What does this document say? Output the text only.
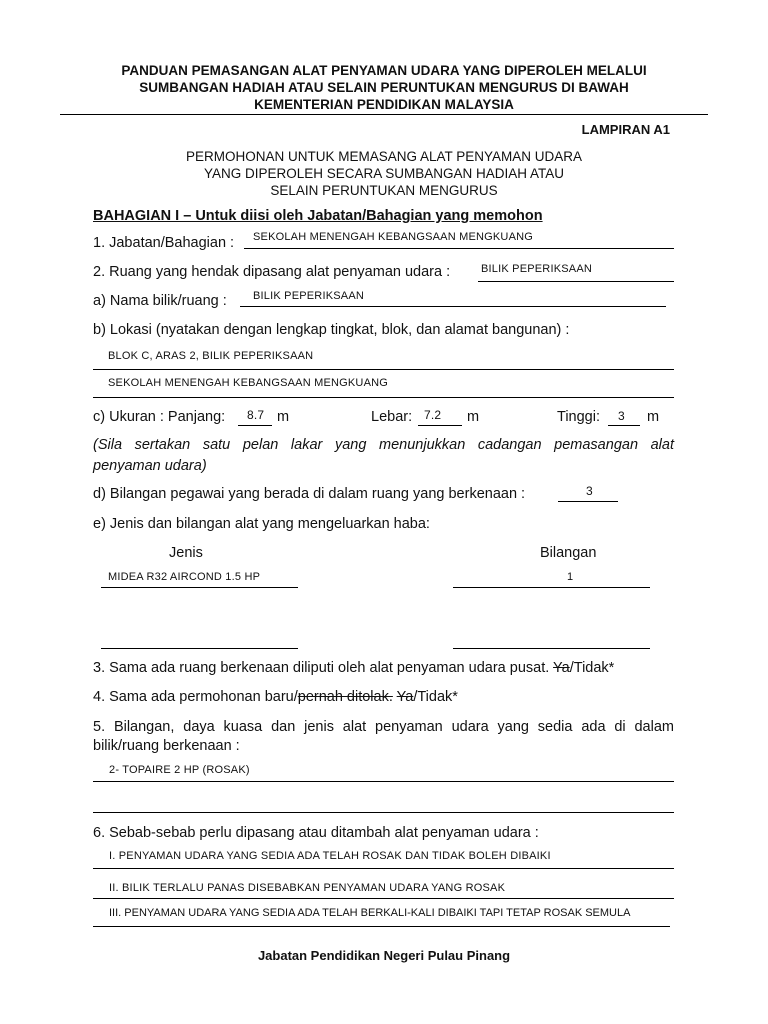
PANDUAN PEMASANGAN ALAT PENYAMAN UDARA YANG DIPEROLEH MELALUI
SUMBANGAN HADIAH ATAU SELAIN PERUNTUKAN MENGURUS DI BAWAH
KEMENTERIAN PENDIDIKAN MALAYSIA
LAMPIRAN A1
PERMOHONAN UNTUK MEMASANG ALAT PENYAMAN UDARA
YANG DIPEROLEH SECARA SUMBANGAN HADIAH ATAU
SELAIN PERUNTUKAN MENGURUS
BAHAGIAN I – Untuk diisi oleh Jabatan/Bahagian yang memohon
1. Jabatan/Bahagian : SEKOLAH MENENGAH KEBANGSAAN MENGKUANG
2. Ruang yang hendak dipasang alat penyaman udara :	BILIK PEPERIKSAAN
a) Nama bilik/ruang : BILIK PEPERIKSAAN
b) Lokasi (nyatakan dengan lengkap tingkat, blok, dan alamat bangunan) :
BLOK C, ARAS 2, BILIK PEPERIKSAAN
SEKOLAH MENENGAH KEBANGSAAN MENGKUANG
c) Ukuran : Panjang: 8.7 m	Lebar: 7.2 m	Tinggi: 3 m
(Sila sertakan satu pelan lakar yang menunjukkan cadangan pemasangan alat
penyaman udara)
d) Bilangan pegawai yang berada di dalam ruang yang berkenaan :	3
e) Jenis dan bilangan alat yang mengeluarkan haba:
Jenis	Bilangan
MIDEA R32 AIRCOND 1.5 HP	1
3. Sama ada ruang berkenaan diliputi oleh alat penyaman udara pusat. Ya/Tidak*
4. Sama ada permohonan baru/pernah ditolak. Ya/Tidak*
5. Bilangan, daya kuasa dan jenis alat penyaman udara yang sedia ada di dalam
bilik/ruang berkenaan :
2- TOPAIRE 2 HP (ROSAK)
6. Sebab-sebab perlu dipasang atau ditambah alat penyaman udara :
I. PENYAMAN UDARA YANG SEDIA ADA TELAH ROSAK DAN TIDAK BOLEH DIBAIKI
II. BILIK TERLALU PANAS DISEBABKAN PENYAMAN UDARA YANG ROSAK
III. PENYAMAN UDARA YANG SEDIA ADA TELAH BERKALI-KALI DIBAIKI TAPI TETAP ROSAK SEMULA
Jabatan Pendidikan Negeri Pulau Pinang
